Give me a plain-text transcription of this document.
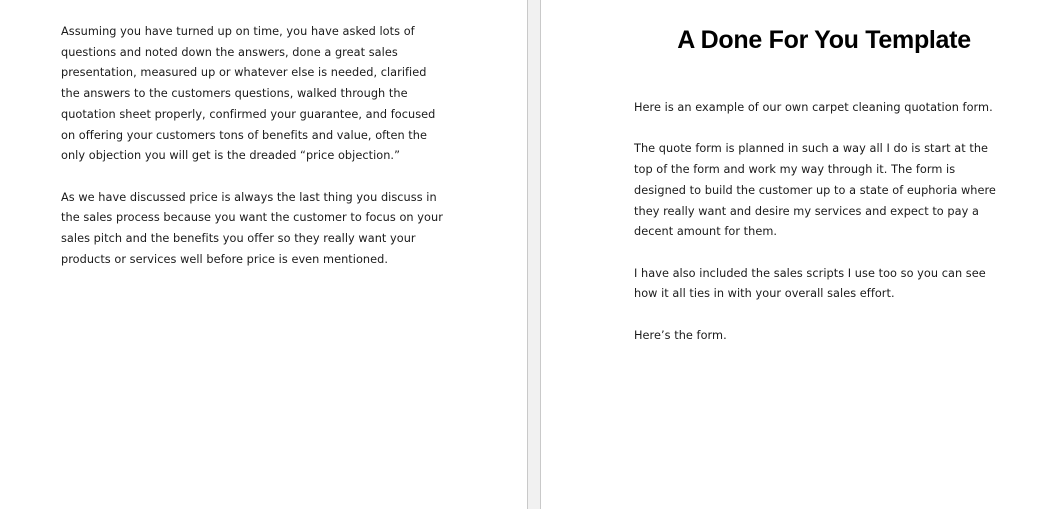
Assuming you have turned up on time, you have asked lots of questions and noted down the answers, done a great sales presentation, measured up or whatever else is needed, clarified the answers to the customers questions, walked through the quotation sheet properly, confirmed your guarantee, and focused on offering your customers tons of benefits and value, often the only objection you will get is the dreaded “price objection.”

As we have discussed price is always the last thing you discuss in the sales process because you want the customer to focus on your sales pitch and the benefits you offer so they really want your products or services well before price is even mentioned.

A Done For You Template

Here is an example of our own carpet cleaning quotation form.

The quote form is planned in such a way all I do is start at the top of the form and work my way through it. The form is designed to build the customer up to a state of euphoria where they really want and desire my services and expect to pay a decent amount for them.

I have also included the sales scripts I use too so you can see how it all ties in with your overall sales effort.

Here’s the form.
